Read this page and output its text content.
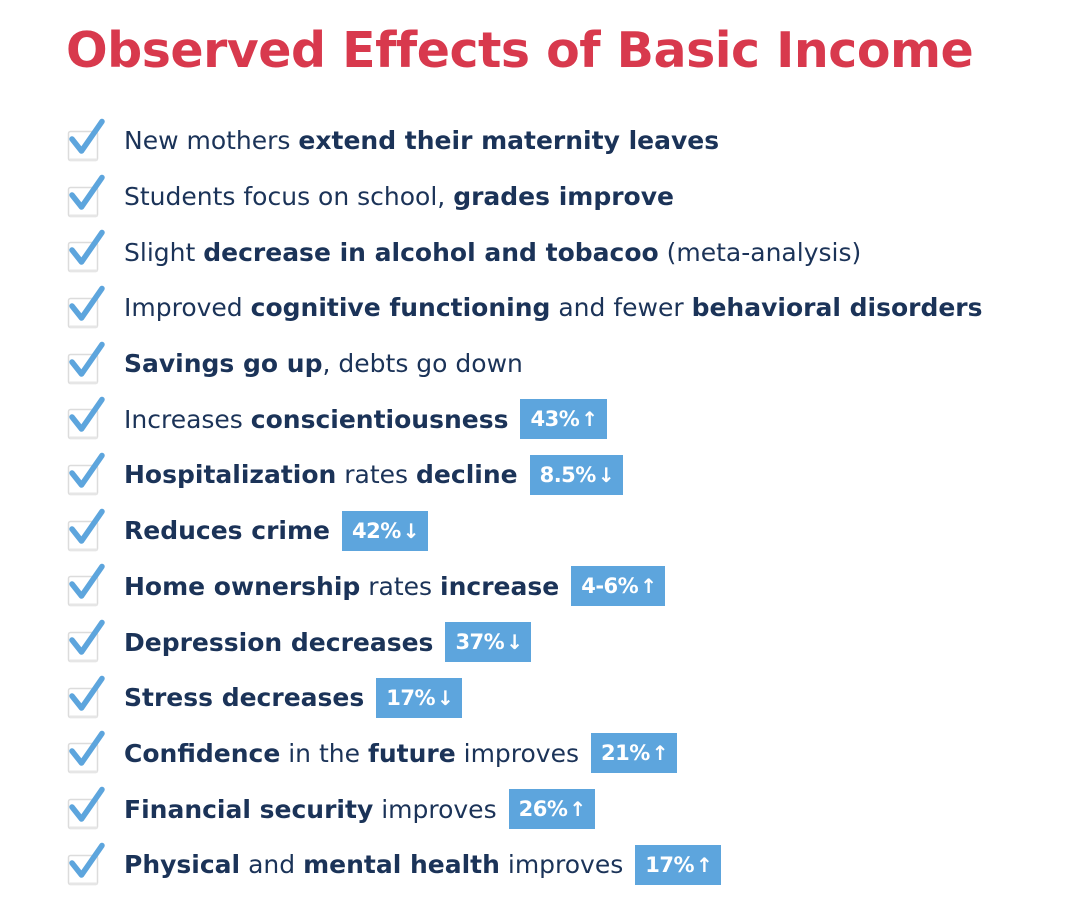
Observed Effects of Basic Income
New mothers extend their maternity leaves
Students focus on school, grades improve
Slight decrease in alcohol and tobacoo (meta-analysis)
Improved cognitive functioning and fewer behavioral disorders
Savings go up, debts go down
Increases conscientiousness 43% ↑
Hospitalization rates decline 8.5% ↓
Reduces crime 42% ↓
Home ownership rates increase 4-6% ↑
Depression decreases 37% ↓
Stress decreases 17% ↓
Confidence in the future improves 21% ↑
Financial security improves 26% ↑
Physical and mental health improves 17% ↑
